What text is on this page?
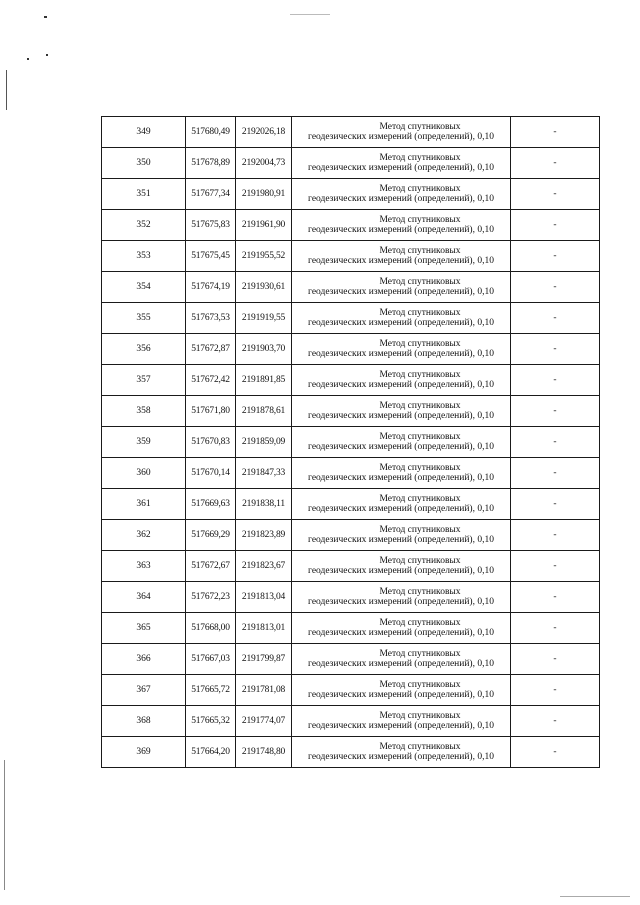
349	517680,49	2192026,18	Метод спутниковых
геодезических измерений (определений), 0,10	-
350	517678,89	2192004,73	Метод спутниковых
геодезических измерений (определений), 0,10	-
351	517677,34	2191980,91	Метод спутниковых
геодезических измерений (определений), 0,10	-
352	517675,83	2191961,90	Метод спутниковых
геодезических измерений (определений), 0,10	-
353	517675,45	2191955,52	Метод спутниковых
геодезических измерений (определений), 0,10	-
354	517674,19	2191930,61	Метод спутниковых
геодезических измерений (определений), 0,10	-
355	517673,53	2191919,55	Метод спутниковых
геодезических измерений (определений), 0,10	-
356	517672,87	2191903,70	Метод спутниковых
геодезических измерений (определений), 0,10	-
357	517672,42	2191891,85	Метод спутниковых
геодезических измерений (определений), 0,10	-
358	517671,80	2191878,61	Метод спутниковых
геодезических измерений (определений), 0,10	-
359	517670,83	2191859,09	Метод спутниковых
геодезических измерений (определений), 0,10	-
360	517670,14	2191847,33	Метод спутниковых
геодезических измерений (определений), 0,10	-
361	517669,63	2191838,11	Метод спутниковых
геодезических измерений (определений), 0,10	-
362	517669,29	2191823,89	Метод спутниковых
геодезических измерений (определений), 0,10	-
363	517672,67	2191823,67	Метод спутниковых
геодезических измерений (определений), 0,10	-
364	517672,23	2191813,04	Метод спутниковых
геодезических измерений (определений), 0,10	-
365	517668,00	2191813,01	Метод спутниковых
геодезических измерений (определений), 0,10	-
366	517667,03	2191799,87	Метод спутниковых
геодезических измерений (определений), 0,10	-
367	517665,72	2191781,08	Метод спутниковых
геодезических измерений (определений), 0,10	-
368	517665,32	2191774,07	Метод спутниковых
геодезических измерений (определений), 0,10	-
369	517664,20	2191748,80	Метод спутниковых
геодезических измерений (определений), 0,10	-
